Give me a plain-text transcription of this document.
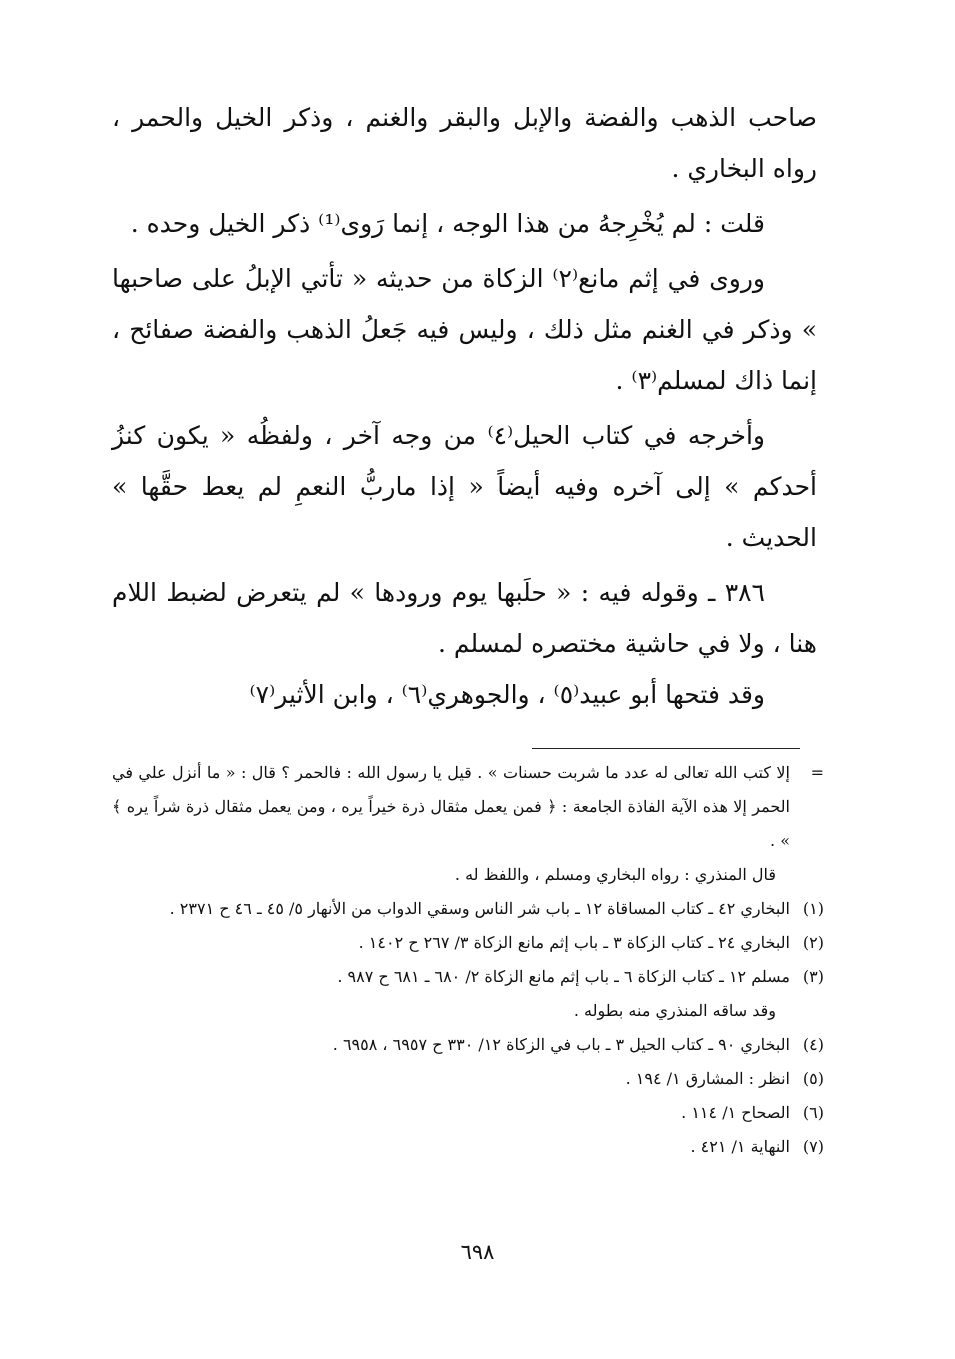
صاحب الذهب والفضة والإبل والبقر والغنم ، وذكر الخيل والحمر ، رواه البخاري .

قلت : لم يُخْرِجهُ من هذا الوجه ، إنما رَوى⁽¹⁾ ذكر الخيل وحده .

وروى في إثم مانع⁽٢⁾ الزكاة من حديثه « تأتي الإبلُ على صاحبها » وذكر في الغنم مثل ذلك ، وليس فيه جَعلُ الذهب والفضة صفائح ، إنما ذاك لمسلم⁽٣⁾ .

وأخرجه في كتاب الحيل⁽٤⁾ من وجه آخر ، ولفظُه « يكون كنزُ أحدكم » إلى آخره وفيه أيضاً « إذا ماربُّ النعمِ لم يعط حقَّها » الحديث .

٣٨٦ ـ وقوله فيه : « حلَبها يوم ورودها » لم يتعرض لضبط اللام هنا ، ولا في حاشية مختصره لمسلم .

وقد فتحها أبو عبيد⁽٥⁾ ، والجوهري⁽٦⁾ ، وابن الأثير⁽٧⁾

=
إلا كتب الله تعالى له عدد ما شربت حسنات » . قيل يا رسول الله : فالحمر ؟ قال : « ما أنزل علي في الحمر إلا هذه الآية الفاذة الجامعة : ﴿ فمن يعمل مثقال ذرة خيراً يره ، ومن يعمل مثقال ذرة شراً يره ﴾ » .
قال المنذري : رواه البخاري ومسلم ، واللفظ له .
(١)
البخاري ٤٢ ـ كتاب المساقاة ١٢ ـ باب شر الناس وسقي الدواب من الأنهار ٥/ ٤٥ ـ ٤٦ ح ٢٣٧١ .
(٢)
البخاري ٢٤ ـ كتاب الزكاة ٣ ـ باب إثم مانع الزكاة ٣/ ٢٦٧ ح ١٤٠٢ .
(٣)
مسلم ١٢ ـ كتاب الزكاة ٦ ـ باب إثم مانع الزكاة ٢/ ٦٨٠ ـ ٦٨١ ح ٩٨٧ .
وقد ساقه المنذري منه بطوله .
(٤)
البخاري ٩٠ ـ كتاب الحيل ٣ ـ باب في الزكاة ١٢/ ٣٣٠ ح ٦٩٥٧ ، ٦٩٥٨ .
(٥)
انظر : المشارق ١/ ١٩٤ .
(٦)
الصحاح ١/ ١١٤ .
(٧)
النهاية ١/ ٤٢١ .
٦٩٨
